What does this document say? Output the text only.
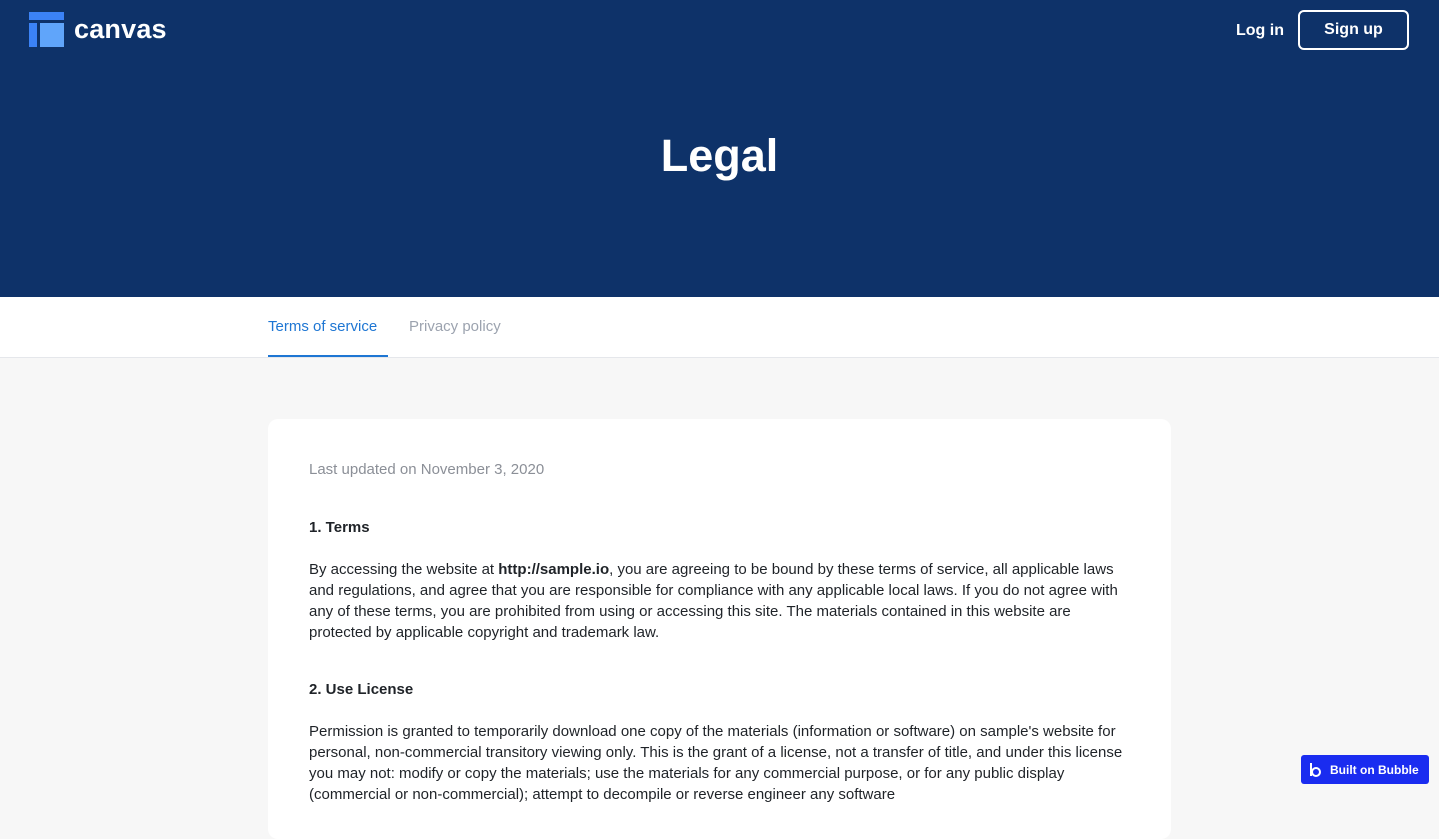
canvas	Log in	Sign up
Legal
Terms of service	Privacy policy

Last updated on November 3, 2020

1. Terms

By accessing the website at http://sample.io, you are agreeing to be bound by these terms of service, all applicable laws and regulations, and agree that you are responsible for compliance with any applicable local laws. If you do not agree with any of these terms, you are prohibited from using or accessing this site. The materials contained in this website are protected by applicable copyright and trademark law.

2. Use License

Permission is granted to temporarily download one copy of the materials (information or software) on sample's website for personal, non-commercial transitory viewing only. This is the grant of a license, not a transfer of title, and under this license you may not: modify or copy the materials; use the materials for any commercial purpose, or for any public display (commercial or non-commercial); attempt to decompile or reverse engineer any software

Built on Bubble
